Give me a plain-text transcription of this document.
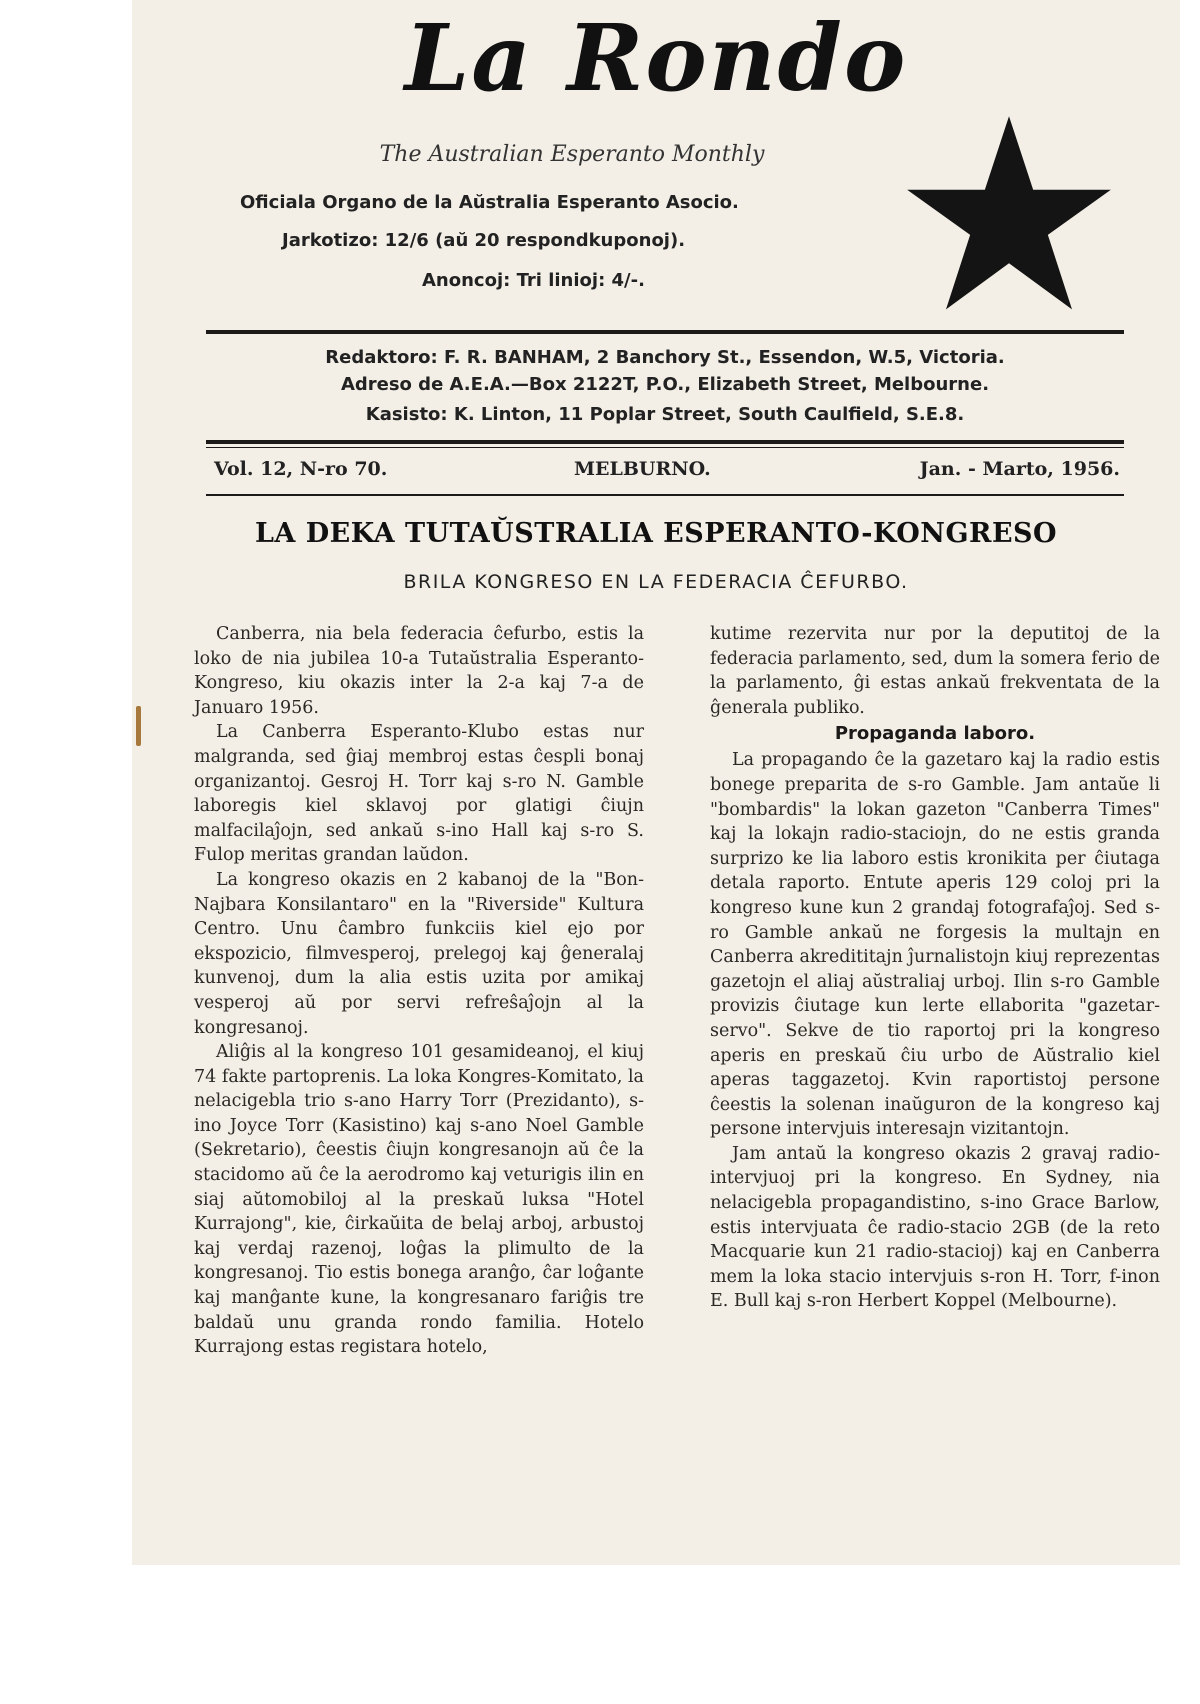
La Rondo
The Australian Esperanto Monthly
Oficiala Organo de la Aŭstralia Esperanto Asocio.
Jarkotizo: 12/6 (aŭ 20 respondkuponoj).
Anoncoj: Tri linioj: 4/-.
Redaktoro: F. R. BANHAM, 2 Banchory St., Essendon, W.5, Victoria.
Adreso de A.E.A.—Box 2122T, P.O., Elizabeth Street, Melbourne.
Kasisto: K. Linton, 11 Poplar Street, South Caulfield, S.E.8.
Vol. 12, N-ro 70.	MELBURNO.	Jan. - Marto, 1956.
LA DEKA TUTAŬSTRALIA ESPERANTO-KONGRESO
BRILA KONGRESO EN LA FEDERACIA ĈEFURBO.

Canberra, nia bela federacia ĉefurbo, estis la loko de nia jubilea 10-a Tutaŭstralia Esperanto-Kongreso, kiu okazis inter la 2-a kaj 7-a de Januaro 1956.

La Canberra Esperanto-Klubo estas nur malgranda, sed ĝiaj membroj estas ĉespli bonaj organizantoj. Gesroj H. Torr kaj s-ro N. Gamble laboregis kiel sklavoj por glatigi ĉiujn malfacilaĵojn, sed ankaŭ s-ino Hall kaj s-ro S. Fulop meritas grandan laŭdon.

La kongreso okazis en 2 kabanoj de la "Bon-Najbara Konsilantaro" en la "Riverside" Kultura Centro. Unu ĉambro funkciis kiel ejo por ekspozicio, filmvesperoj, prelegoj kaj ĝeneralaj kunvenoj, dum la alia estis uzita por amikaj vesperoj aŭ por servi refreŝaĵojn al la kongresanoj.

Aliĝis al la kongreso 101 gesamideanoj, el kiuj 74 fakte partoprenis. La loka Kongres-Komitato, la nelacigebla trio s-ano Harry Torr (Prezidanto), s-ino Joyce Torr (Kasistino) kaj s-ano Noel Gamble (Sekretario), ĉeestis ĉiujn kongresanojn aŭ ĉe la stacidomo aŭ ĉe la aerodromo kaj veturigis ilin en siaj aŭtomobiloj al la preskaŭ luksa "Hotel Kurrajong", kie, ĉirkaŭita de belaj arboj, arbustoj kaj verdaj razenoj, loĝas la plimulto de la kongresanoj. Tio estis bonega aranĝo, ĉar loĝante kaj manĝante kune, la kongresanaro fariĝis tre baldaŭ unu granda rondo familia. Hotelo Kurrajong estas registara hotelo,

kutime rezervita nur por la deputitoj de la federacia parlamento, sed, dum la somera ferio de la parlamento, ĝi estas ankaŭ frekventata de la ĝenerala publiko.

Propaganda laboro.

La propagando ĉe la gazetaro kaj la radio estis bonege preparita de s-ro Gamble. Jam antaŭe li "bombardis" la lokan gazeton "Canberra Times" kaj la lokajn radio-staciojn, do ne estis granda surprizo ke lia laboro estis kronikita per ĉiutaga detala raporto. Entute aperis 129 coloj pri la kongreso kune kun 2 grandaj fotografaĵoj. Sed s-ro Gamble ankaŭ ne forgesis la multajn en Canberra akredititajn ĵurnalistojn kiuj reprezentas gazetojn el aliaj aŭstraliaj urboj. Ilin s-ro Gamble provizis ĉiutage kun lerte ellaborita "gazetar-servo". Sekve de tio raportoj pri la kongreso aperis en preskaŭ ĉiu urbo de Aŭstralio kiel aperas taggazetoj. Kvin raportistoj persone ĉeestis la solenan inaŭguron de la kongreso kaj persone intervjuis interesajn vizitantojn.

Jam antaŭ la kongreso okazis 2 gravaj radio-intervjuoj pri la kongreso. En Sydney, nia nelacigebla propagandistino, s-ino Grace Barlow, estis intervjuata ĉe radio-stacio 2GB (de la reto Macquarie kun 21 radio-stacioj) kaj en Canberra mem la loka stacio intervjuis s-ron H. Torr, f-inon E. Bull kaj s-ron Herbert Koppel (Melbourne).
